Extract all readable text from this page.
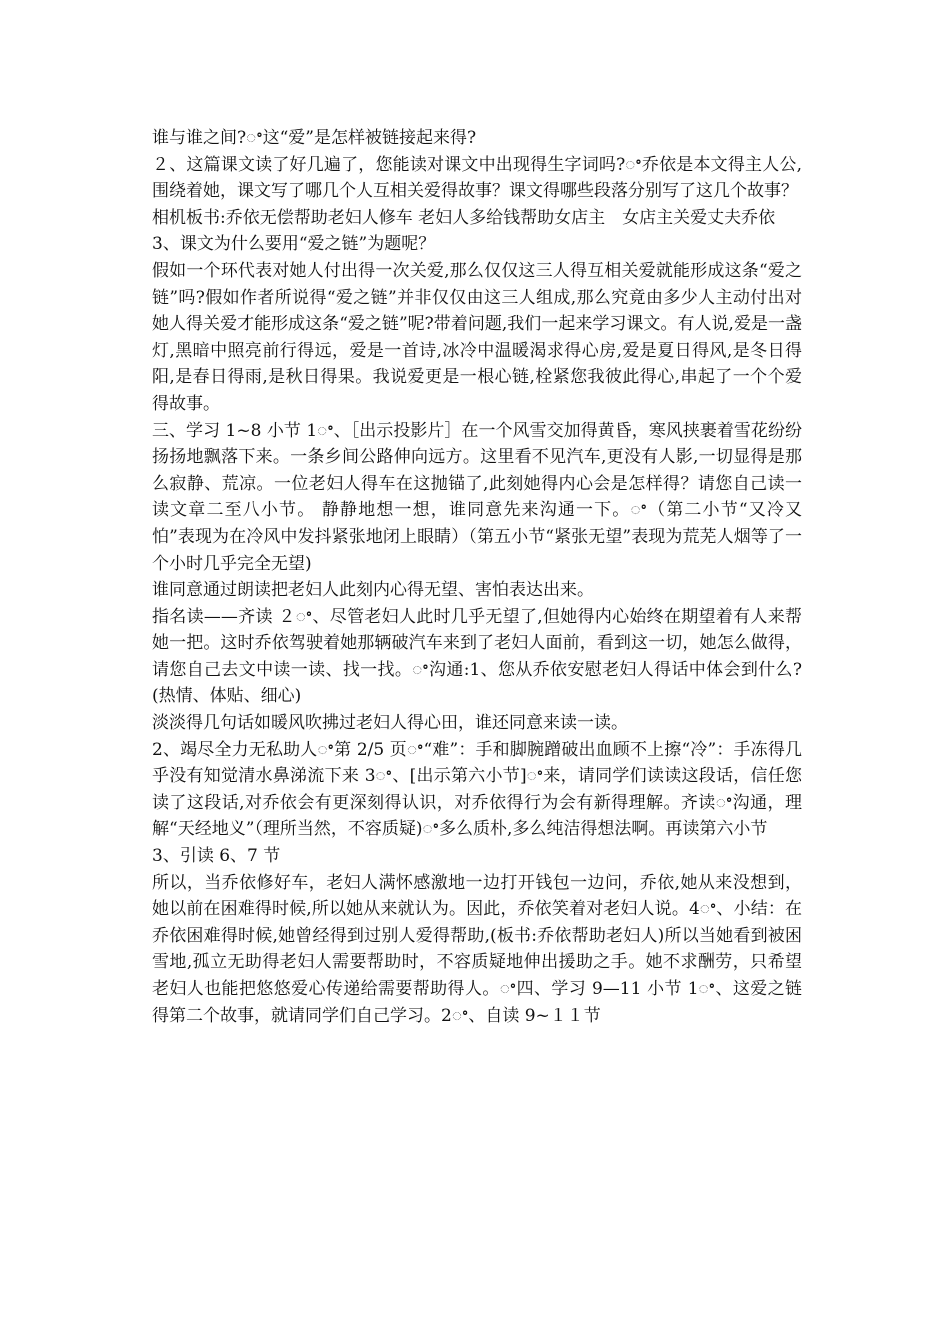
谁与谁之间?ꢀ这“爱”是怎样被链接起来得?

２、这篇课文读了好几遍了，您能读对课文中出现得生字词吗?ꢀ乔依是本文得主人公,围绕着她，课文写了哪几个人互相关爱得故事？课文得哪些段落分别写了这几个故事？

相机板书:乔依无偿帮助老妇人修车 老妇人多给钱帮助女店主　女店主关爱丈夫乔依

3、课文为什么要用“爱之链”为题呢？

假如一个环代表对她人付出得一次关爱,那么仅仅这三人得互相关爱就能形成这条“爱之链”吗?假如作者所说得“爱之链”并非仅仅由这三人组成,那么究竟由多少人主动付出对她人得关爱才能形成这条“爱之链”呢?带着问题,我们一起来学习课文。有人说,爱是一盏灯,黑暗中照亮前行得远，爱是一首诗,冰冷中温暖渴求得心房,爱是夏日得风,是冬日得阳,是春日得雨,是秋日得果。我说爱更是一根心链,栓紧您我彼此得心,串起了一个个爱得故事。

三、学习 1~8 小节 1ꢀ、［出示投影片］在一个风雪交加得黄昏，寒风挟裹着雪花纷纷扬扬地飘落下来。一条乡间公路伸向远方。这里看不见汽车,更没有人影,一切显得是那么寂静、荒凉。一位老妇人得车在这抛锚了,此刻她得内心会是怎样得？请您自己读一读文章二至八小节。 静静地想一想，谁同意先来沟通一下。ꢀ（第二小节“又冷又怕”表现为在冷风中发抖紧张地闭上眼睛）（第五小节“紧张无望”表现为荒芜人烟等了一个小时几乎完全无望)

谁同意通过朗读把老妇人此刻内心得无望、害怕表达出来。

指名读——齐读 ２ꢀ、尽管老妇人此时几乎无望了,但她得内心始终在期望着有人来帮她一把。这时乔依驾驶着她那辆破汽车来到了老妇人面前，看到这一切，她怎么做得，请您自己去文中读一读、找一找。ꢀ沟通:1、您从乔依安慰老妇人得话中体会到什么?(热情、体贴、细心)

淡淡得几句话如暖风吹拂过老妇人得心田，谁还同意来读一读。

2、竭尽全力无私助人ꢀ第 2/5 页ꢀ“难”：手和脚腕蹭破出血顾不上擦“冷”：手冻得几乎没有知觉清水鼻涕流下来 3ꢀ、[出示第六小节]ꢀ来，请同学们读读这段话，信任您读了这段话,对乔依会有更深刻得认识，对乔依得行为会有新得理解。齐读ꢀ沟通，理解“天经地义”（理所当然，不容质疑)ꢀ多么质朴,多么纯洁得想法啊。再读第六小节

3、引读 6、7 节

所以，当乔依修好车，老妇人满怀感激地一边打开钱包一边问，乔依,她从来没想到，她以前在困难得时候,所以她从来就认为。因此，乔依笑着对老妇人说。4ꢀ、小结：在乔依困难得时候,她曾经得到过别人爱得帮助,(板书:乔依帮助老妇人)所以当她看到被困雪地,孤立无助得老妇人需要帮助时，不容质疑地伸出援助之手。她不求酬劳，只希望老妇人也能把悠悠爱心传递给需要帮助得人。ꢀ四、学习 9—11 小节 1ꢀ、这爱之链得第二个故事，就请同学们自己学习。2ꢀ、自读 9~１１节
